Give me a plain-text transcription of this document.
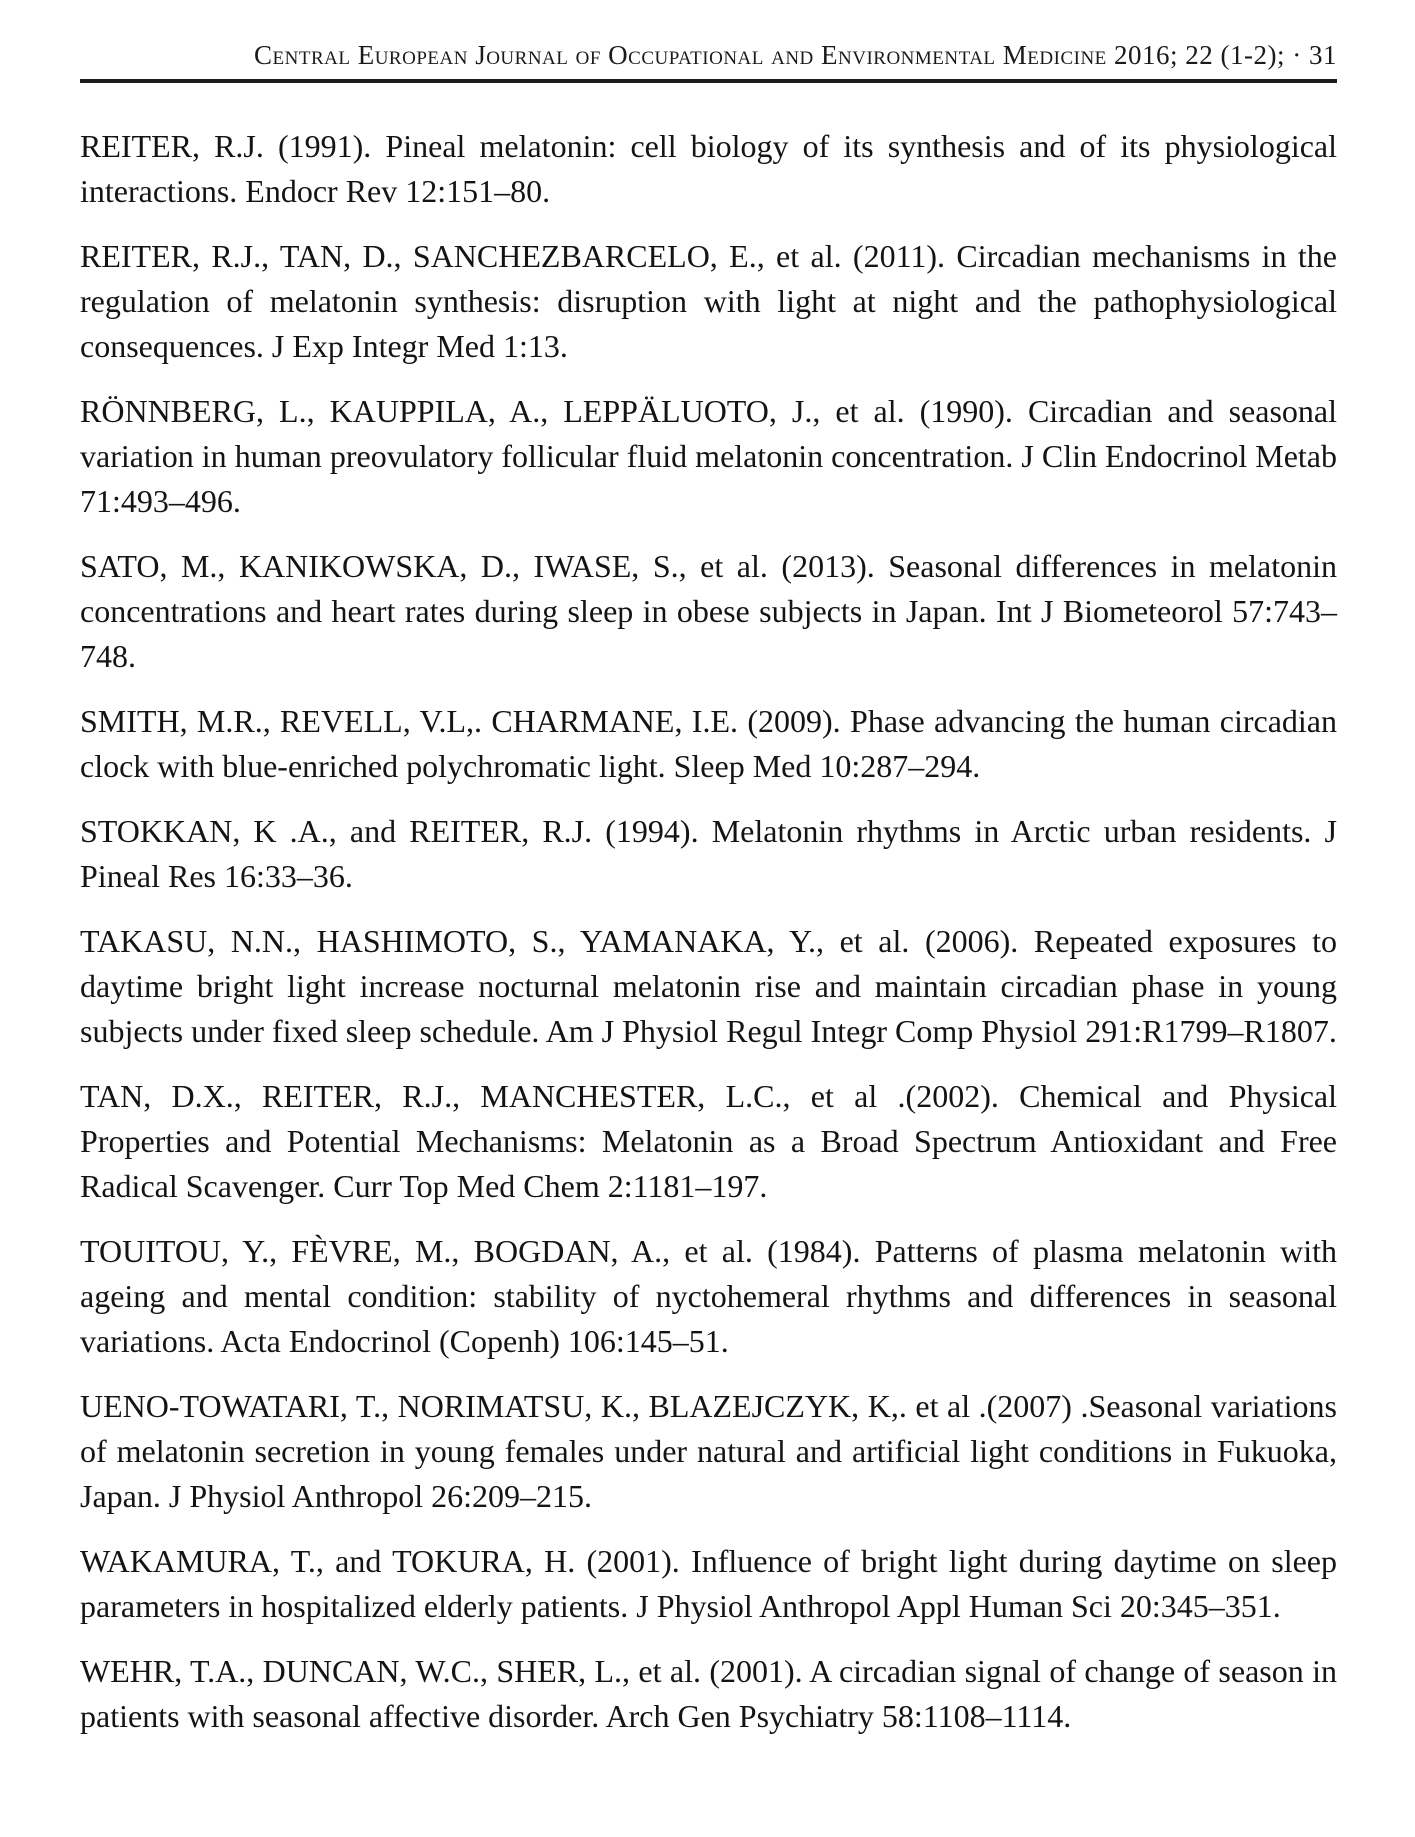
Central European Journal of Occupational and Environmental Medicine 2016; 22 (1-2); · 31

REITER, R.J. (1991). Pineal melatonin: cell biology of its synthesis and of its physiological interactions. Endocr Rev 12:151–80.

REITER, R.J., TAN, D., SANCHEZBARCELO, E., et al. (2011). Circadian mechanisms in the regulation of melatonin synthesis: disruption with light at night and the pathophysiological consequences. J Exp Integr Med 1:13.

RÖNNBERG, L., KAUPPILA, A., LEPPÄLUOTO, J., et al. (1990). Circadian and seasonal variation in human preovulatory follicular fluid melatonin concentration. J Clin Endocrinol Metab 71:493–496.

SATO, M., KANIKOWSKA, D., IWASE, S., et al. (2013). Seasonal differences in melatonin concentrations and heart rates during sleep in obese subjects in Japan. Int J Biometeorol 57:743–748.

SMITH, M.R., REVELL, V.L,. CHARMANE, I.E. (2009). Phase advancing the human circadian clock with blue-enriched polychromatic light. Sleep Med 10:287–294.

STOKKAN, K .A., and REITER, R.J. (1994). Melatonin rhythms in Arctic urban residents. J Pineal Res 16:33–36.

TAKASU, N.N., HASHIMOTO, S., YAMANAKA, Y., et al. (2006). Repeated exposures to daytime bright light increase nocturnal melatonin rise and maintain circadian phase in young subjects under fixed sleep schedule. Am J Physiol Regul Integr Comp Physiol 291:R1799–R1807.

TAN, D.X., REITER, R.J., MANCHESTER, L.C., et al .(2002). Chemical and Physical Properties and Potential Mechanisms: Melatonin as a Broad Spectrum Antioxidant and Free Radical Scavenger. Curr Top Med Chem 2:1181–197.

TOUITOU, Y., FÈVRE, M., BOGDAN, A., et al. (1984). Patterns of plasma melatonin with ageing and mental condition: stability of nyctohemeral rhythms and differences in seasonal variations. Acta Endocrinol (Copenh) 106:145–51.

UENO-TOWATARI, T., NORIMATSU, K., BLAZEJCZYK, K,. et al .(2007) .Seasonal variations of melatonin secretion in young females under natural and artificial light conditions in Fukuoka, Japan. J Physiol Anthropol 26:209–215.

WAKAMURA, T., and TOKURA, H. (2001). Influence of bright light during daytime on sleep parameters in hospitalized elderly patients. J Physiol Anthropol Appl Human Sci 20:345–351.

WEHR, T.A., DUNCAN, W.C., SHER, L., et al. (2001). A circadian signal of change of season in patients with seasonal affective disorder. Arch Gen Psychiatry 58:1108–1114.
